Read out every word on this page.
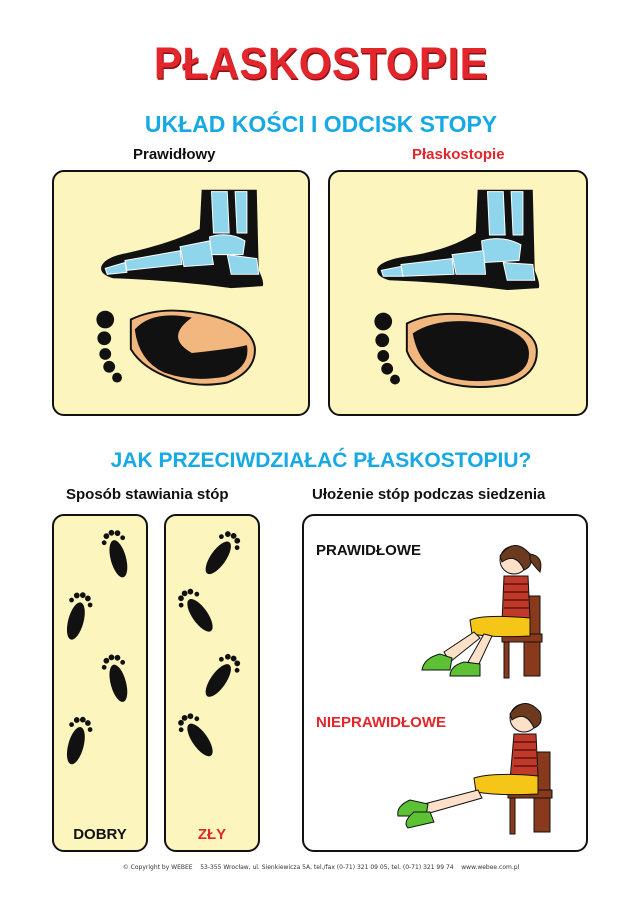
PŁASKOSTOPIE
UKŁAD KOŚCI I ODCISK STOPY
Prawidłowy	Płaskostopie
JAK PRZECIWDZIAŁAĆ PŁASKOSTOPIU?
Sposób stawiania stóp	Ułożenie stóp podczas siedzenia
DOBRY	ZŁY
PRAWIDŁOWE
NIEPRAWIDŁOWE
© Copyright by WEBEE 53-355 Wrocław, ul. Sienkiewicza 5A, tel./fax (0-71) 321 09 05, tel. (0-71) 321 99 74 www.webee.com.pl
